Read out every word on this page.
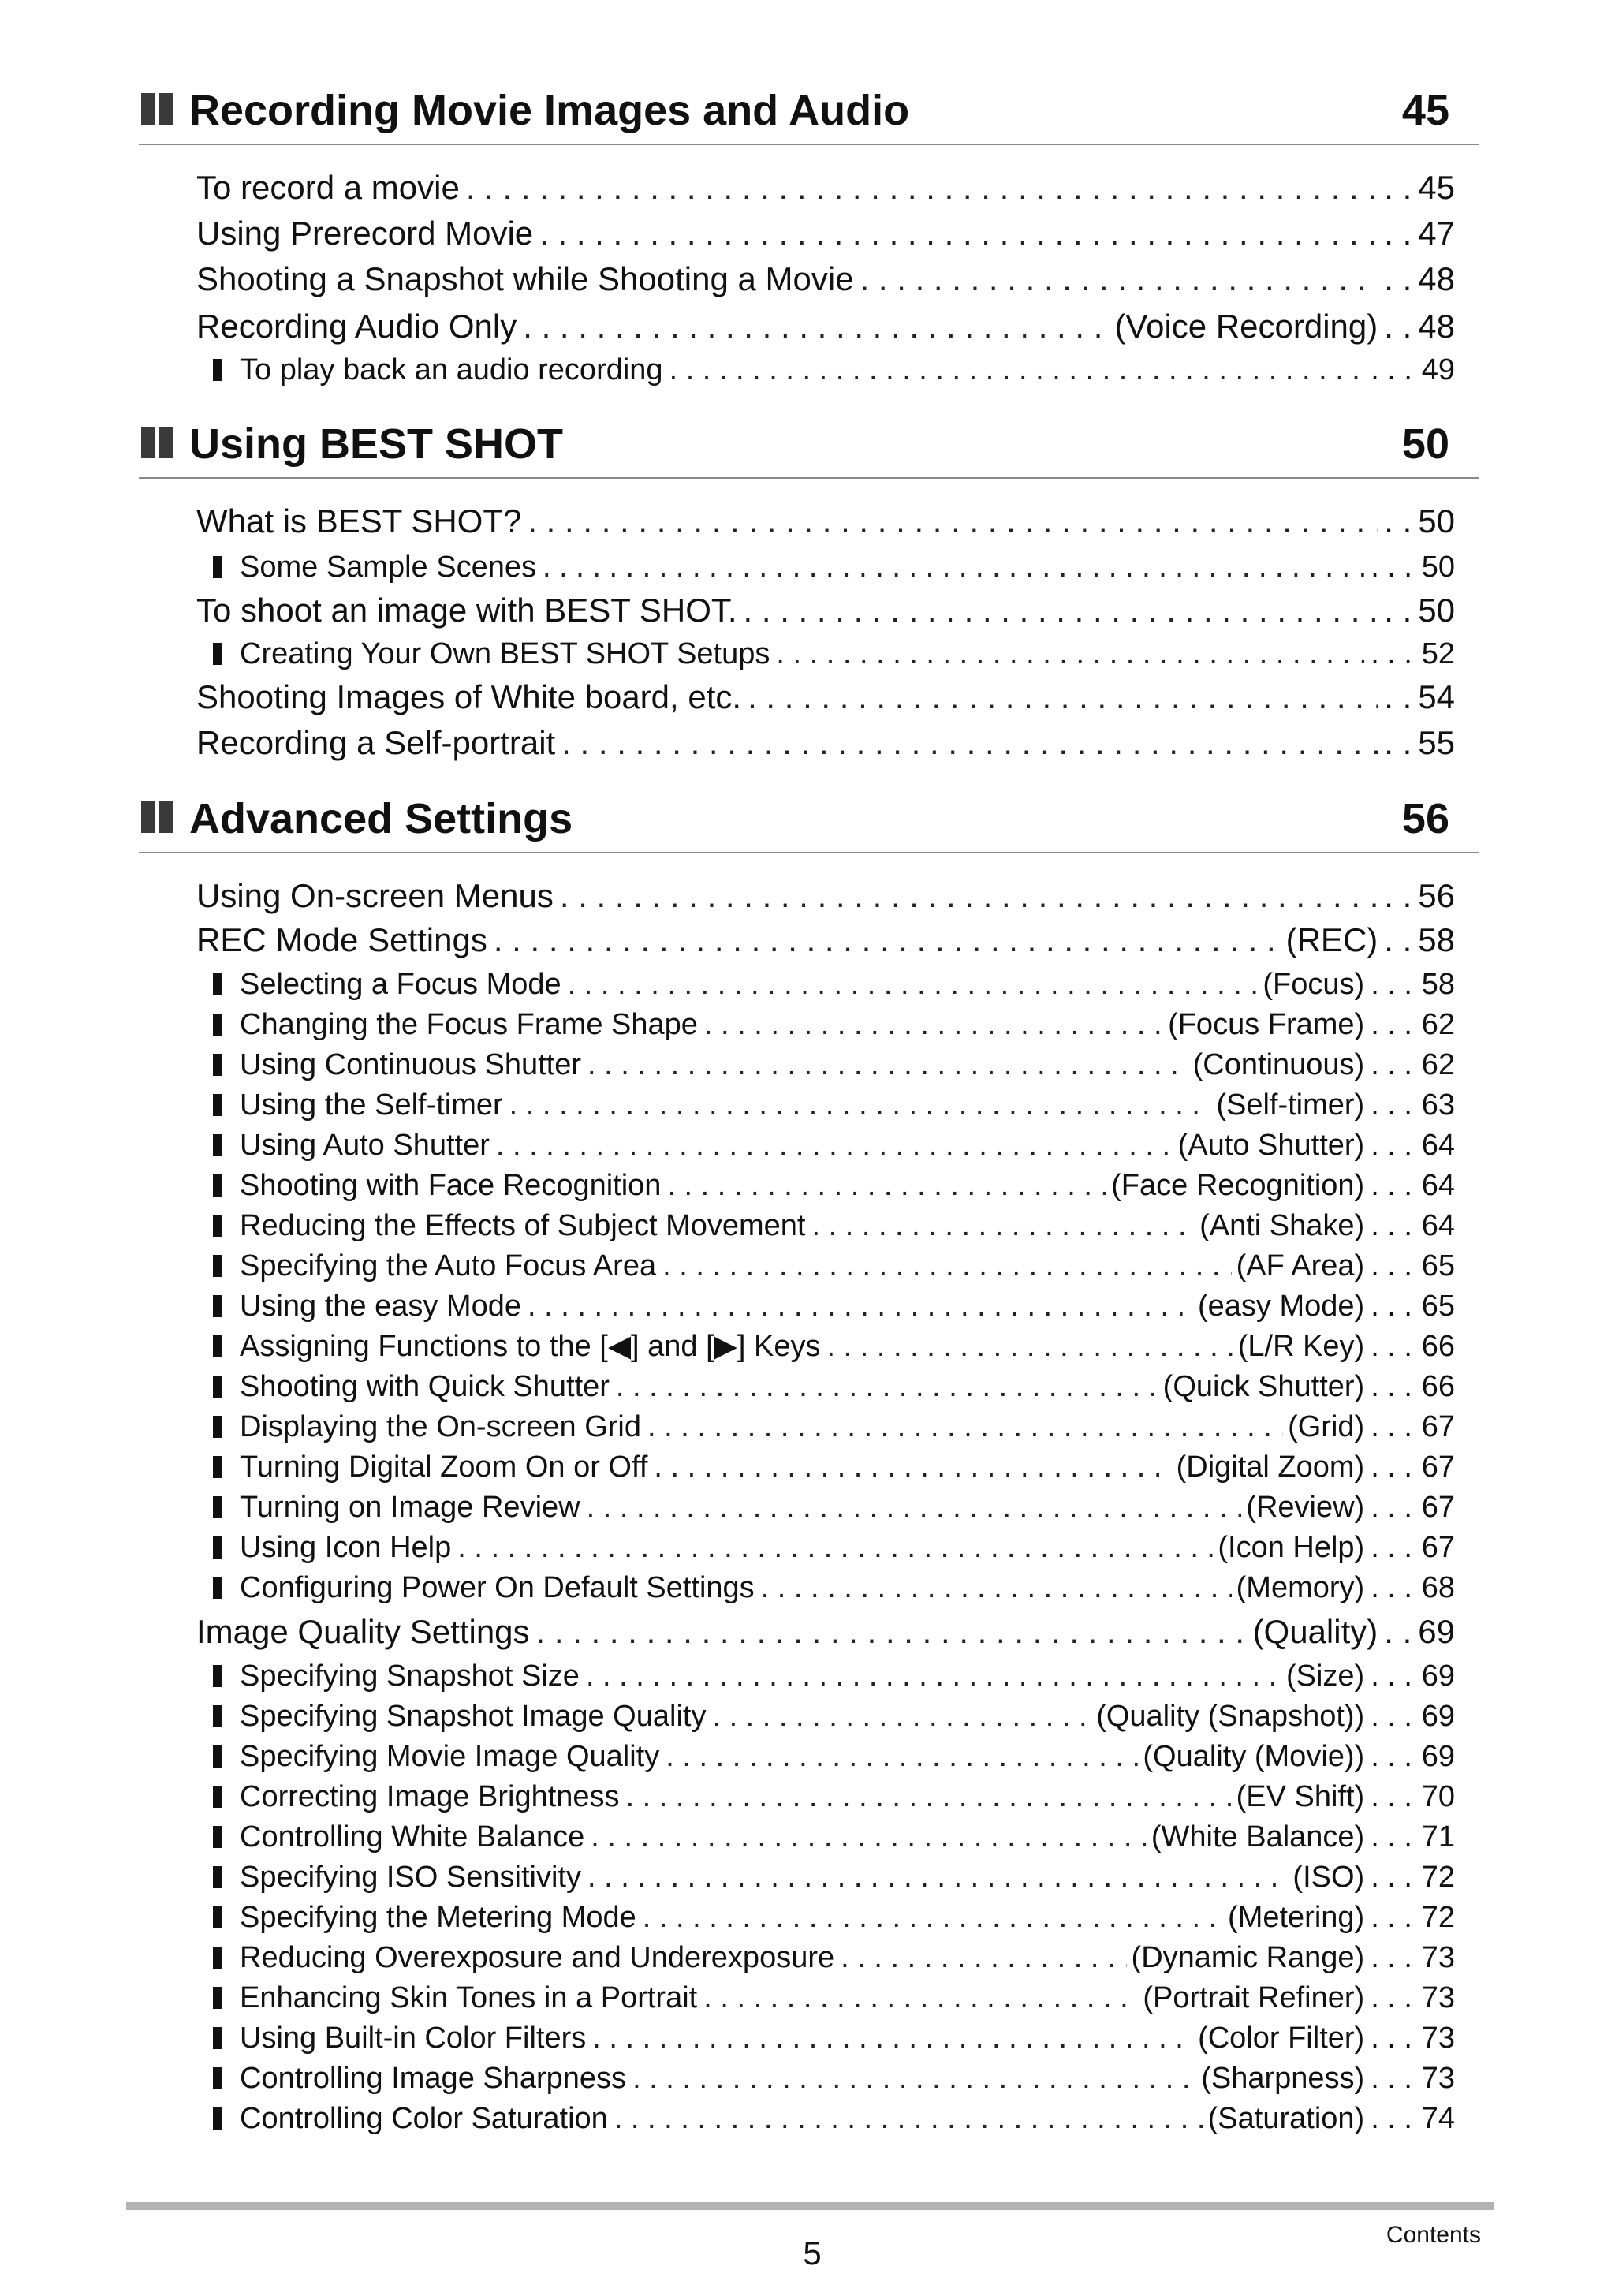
Recording Movie Images and Audio	45
To record a movie . . .	. . 45
Using Prerecord Movie . . .	. . 47
Shooting a Snapshot while Shooting a Movie . . .	. . 48
Recording Audio Only . . .	(Voice Recording) . . 48
To play back an audio recording . . .	. . . 49
Using BEST SHOT	50
What is BEST SHOT? . . .	. . 50
Some Sample Scenes . . .	. . . 50
To shoot an image with BEST SHOT. . . .	. . 50
Creating Your Own BEST SHOT Setups . . .	. . . 52
Shooting Images of White board, etc. . . .	. . 54
Recording a Self-portrait . . .	. . 55
Advanced Settings	56
Using On-screen Menus . . .	. . 56
REC Mode Settings . . .	(REC) . . 58
Selecting a Focus Mode . . .	(Focus) . . . 58
Changing the Focus Frame Shape . . .	(Focus Frame) . . . 62
Using Continuous Shutter . . .	(Continuous) . . . 62
Using the Self-timer . . .	(Self-timer) . . . 63
Using Auto Shutter . . .	(Auto Shutter) . . . 64
Shooting with Face Recognition . . .	(Face Recognition) . . . 64
Reducing the Effects of Subject Movement . . .	(Anti Shake) . . . 64
Specifying the Auto Focus Area . . .	(AF Area) . . . 65
Using the easy Mode . . .	(easy Mode) . . . 65
Assigning Functions to the [◀] and [▶] Keys . . .	(L/R Key) . . . 66
Shooting with Quick Shutter . . .	(Quick Shutter) . . . 66
Displaying the On-screen Grid . . .	(Grid) . . . 67
Turning Digital Zoom On or Off . . .	(Digital Zoom) . . . 67
Turning on Image Review . . .	(Review) . . . 67
Using Icon Help . . .	(Icon Help) . . . 67
Configuring Power On Default Settings . . .	(Memory) . . . 68
Image Quality Settings . . .	(Quality) . . 69
Specifying Snapshot Size . . .	(Size) . . . 69
Specifying Snapshot Image Quality . . .	(Quality (Snapshot)) . . . 69
Specifying Movie Image Quality . . .	(Quality (Movie)) . . . 69
Correcting Image Brightness . . .	(EV Shift) . . . 70
Controlling White Balance . . .	(White Balance) . . . 71
Specifying ISO Sensitivity . . .	(ISO) . . . 72
Specifying the Metering Mode . . .	(Metering) . . . 72
Reducing Overexposure and Underexposure . . .	(Dynamic Range) . . . 73
Enhancing Skin Tones in a Portrait . . .	(Portrait Refiner) . . . 73
Using Built-in Color Filters . . .	(Color Filter) . . . 73
Controlling Image Sharpness . . .	(Sharpness) . . . 73
Controlling Color Saturation . . .	(Saturation) . . . 74
5	Contents
